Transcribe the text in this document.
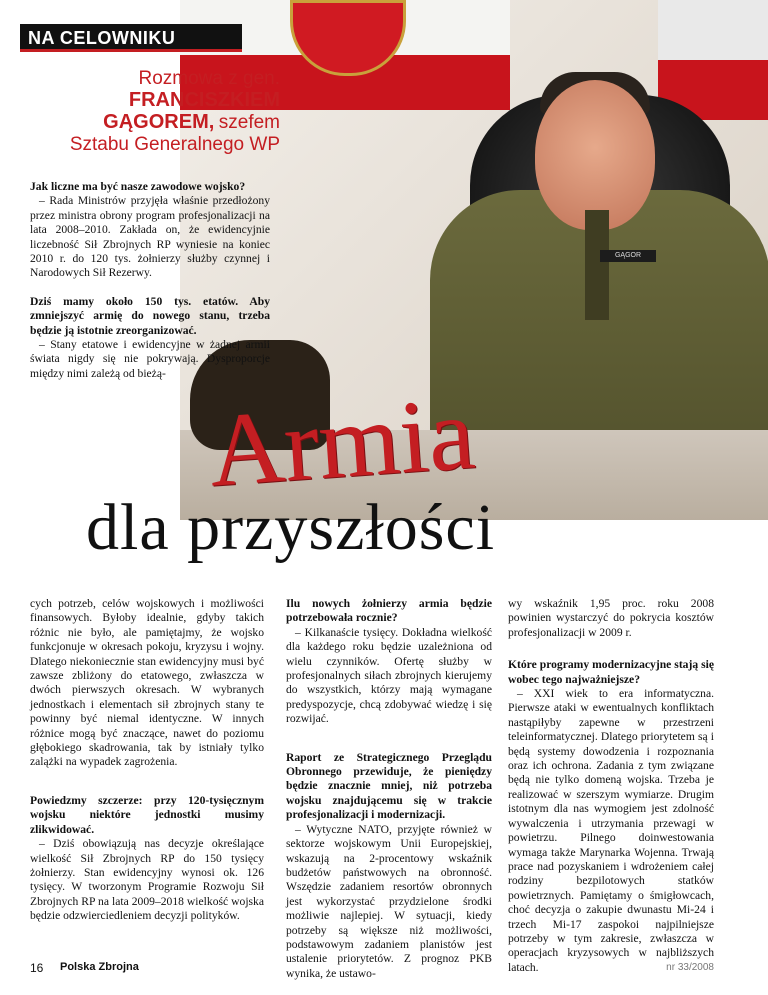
GĄGOR
NA CELOWNIKU
Rozmowa z gen.
FRANCISZKIEM
GĄGOREM, szefem
Sztabu Generalnego WP

Jak liczne ma być nasze zawodowe wojsko?
– Rada Ministrów przyjęła właśnie przedłożony przez ministra obrony program profesjonalizacji na lata 2008–2010. Zakłada on, że ewidencyjnie liczebność Sił Zbrojnych RP wyniesie na koniec 2010 r. do 120 tys. żołnierzy służby czynnej i Narodowych Sił Rezerwy.

Dziś mamy około 150 tys. etatów. Aby zmniejszyć armię do nowego stanu, trzeba będzie ją istotnie zreorganizować.
– Stany etatowe i ewidencyjne w żadnej armii świata nigdy się nie pokrywają. Dysproporcje między nimi zależą od bieżą-

Armia
dla przyszłości

cych potrzeb, celów wojskowych i możliwości finansowych. Byłoby idealnie, gdyby takich różnic nie było, ale pamiętajmy, że wojsko funkcjonuje w okresach pokoju, kryzysu i wojny. Dlatego niekoniecznie stan ewidencyjny musi być zawsze zbliżony do etatowego, zwłaszcza w dwóch pierwszych okresach. W wybranych jednostkach i elementach sił zbrojnych stany te powinny być niemal identyczne. W innych różnice mogą być znaczące, nawet do poziomu głębokiego skadrowania, tak by istniały tylko zalążki na wypadek zagrożenia.

Powiedzmy szczerze: przy 120-tysięcznym wojsku niektóre jednostki musimy zlikwidować.
– Dziś obowiązują nas decyzje określające wielkość Sił Zbrojnych RP do 150 tysięcy żołnierzy. Stan ewidencyjny wynosi ok. 126 tysięcy. W tworzonym Programie Rozwoju Sił Zbrojnych RP na lata 2009–2018 wielkość wojska będzie odzwierciedleniem decyzji polityków.

Ilu nowych żołnierzy armia będzie potrzebowała rocznie?
– Kilkanaście tysięcy. Dokładna wielkość dla każdego roku będzie uzależniona od wielu czynników. Ofertę służby w profesjonalnych siłach zbrojnych kierujemy do wszystkich, którzy mają wymagane predyspozycje, chcą zdobywać wiedzę i się rozwijać.

Raport ze Strategicznego Przeglądu Obronnego przewiduje, że pieniędzy będzie znacznie mniej, niż potrzeba wojsku znajdującemu się w trakcie profesjonalizacji i modernizacji.
– Wytyczne NATO, przyjęte również w sektorze wojskowym Unii Europejskiej, wskazują na 2-procentowy wskaźnik budżetów państwowych na obronność. Wszędzie zadaniem resortów obronnych jest wykorzystać przydzielone środki możliwie najlepiej. W sytuacji, kiedy potrzeby są większe niż możliwości, podstawowym zadaniem planistów jest ustalenie priorytetów. Z prognoz PKB wynika, że ustawo-

wy wskaźnik 1,95 proc. roku 2008 powinien wystarczyć do pokrycia kosztów profesjonalizacji w 2009 r.

Które programy modernizacyjne stają się wobec tego najważniejsze?
– XXI wiek to era informatyczna. Pierwsze ataki w ewentualnych konfliktach nastąpiłyby zapewne w przestrzeni teleinformatycznej. Dlatego priorytetem są i będą systemy dowodzenia i rozpoznania oraz ich ochrona. Zadania z tym związane będą nie tylko domeną wojska. Trzeba je realizować w szerszym wymiarze. Drugim istotnym dla nas wymogiem jest zdolność wywalczenia i utrzymania przewagi w powietrzu. Pilnego doinwestowania wymaga także Marynarka Wojenna. Trwają prace nad pozyskaniem i wdrożeniem całej rodziny bezpilotowych statków powietrznych. Pamiętamy o śmigłowcach, choć decyzja o zakupie dwunastu Mi-24 i trzech Mi-17 zaspokoi najpilniejsze potrzeby w tym zakresie, zwłaszcza w operacjach kryzysowych w najbliższych latach.

16 Polska Zbrojna	nr 33/2008
